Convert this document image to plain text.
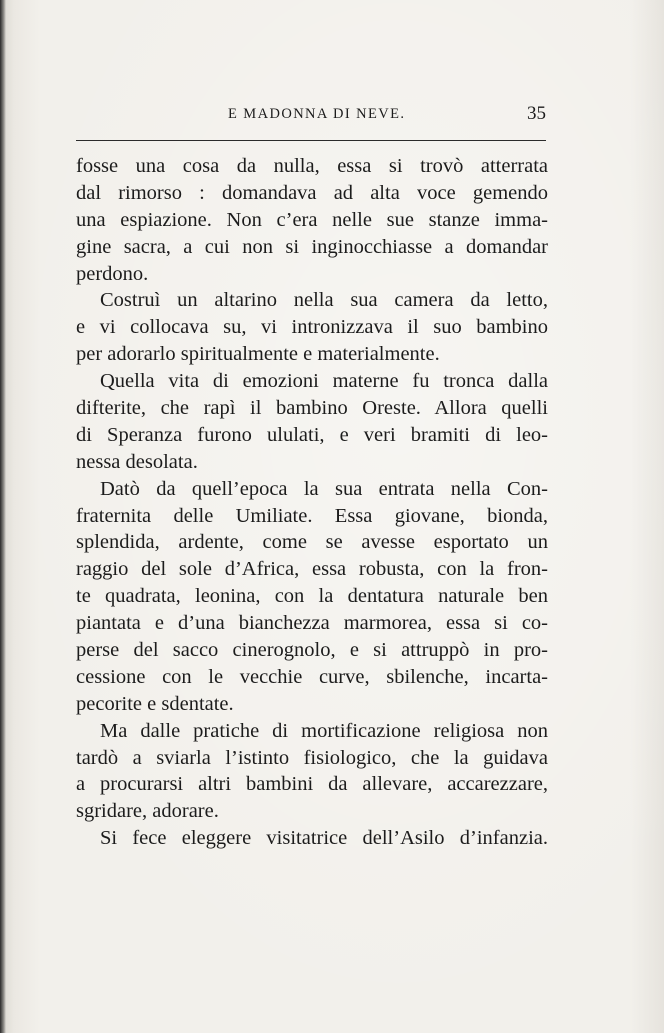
E MADONNA DI NEVE.	35
fosse una cosa da nulla, essa si trovò atterrata
dal rimorso : domandava ad alta voce gemendo
una espiazione. Non c’era nelle sue stanze imma-
gine sacra, a cui non si inginocchiasse a domandar
perdono.
Costruì un altarino nella sua camera da letto,
e vi collocava su, vi intronizzava il suo bambino
per adorarlo spiritualmente e materialmente.
Quella vita di emozioni materne fu tronca dalla
difterite, che rapì il bambino Oreste. Allora quelli
di Speranza furono ululati, e veri bramiti di leo-
nessa desolata.
Datò da quell’epoca la sua entrata nella Con-
fraternita delle Umiliate. Essa giovane, bionda,
splendida, ardente, come se avesse esportato un
raggio del sole d’Africa, essa robusta, con la fron-
te quadrata, leonina, con la dentatura naturale ben
piantata e d’una bianchezza marmorea, essa si co-
perse del sacco cinerognolo, e si attruppò in pro-
cessione con le vecchie curve, sbilenche, incarta-
pecorite e sdentate.
Ma dalle pratiche di mortificazione religiosa non
tardò a sviarla l’istinto fisiologico, che la guidava
a procurarsi altri bambini da allevare, accarezzare,
sgridare, adorare.
Si fece eleggere visitatrice dell’Asilo d’infanzia.
